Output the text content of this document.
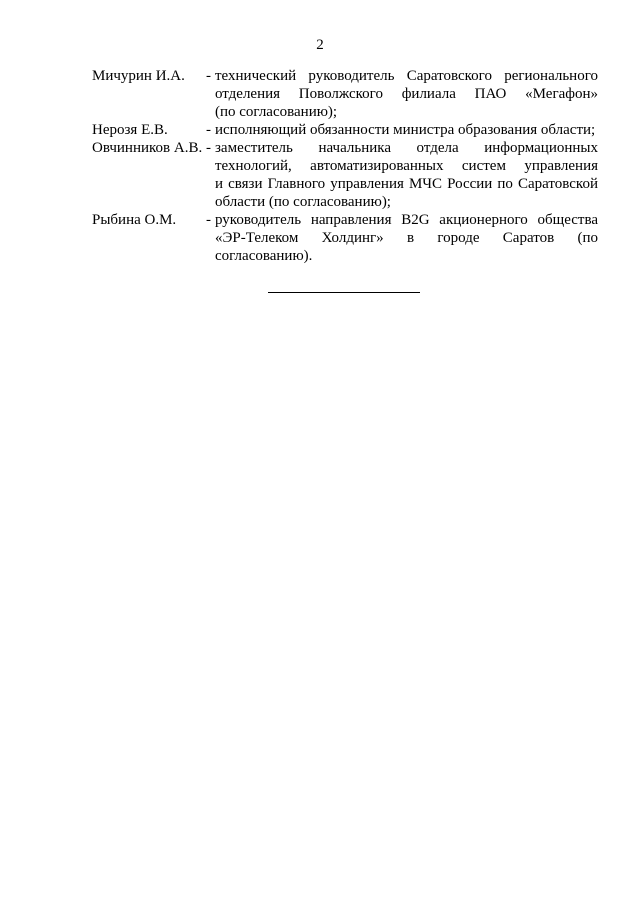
2
Мичурин И.А.	- технический руководитель Саратовского регионального
отделения Поволжского филиала ПАО «Мегафон»
(по согласованию);
Нерозя Е.В.	- исполняющий обязанности министра образования области;
Овчинников А.В. - заместитель начальника отдела информационных
технологий, автоматизированных систем управления
и связи Главного управления МЧС России по Саратовской
области (по согласованию);
Рыбина О.М.	- руководитель направления B2G акционерного общества
«ЭР-Телеком Холдинг» в городе Саратов (по согласованию).
